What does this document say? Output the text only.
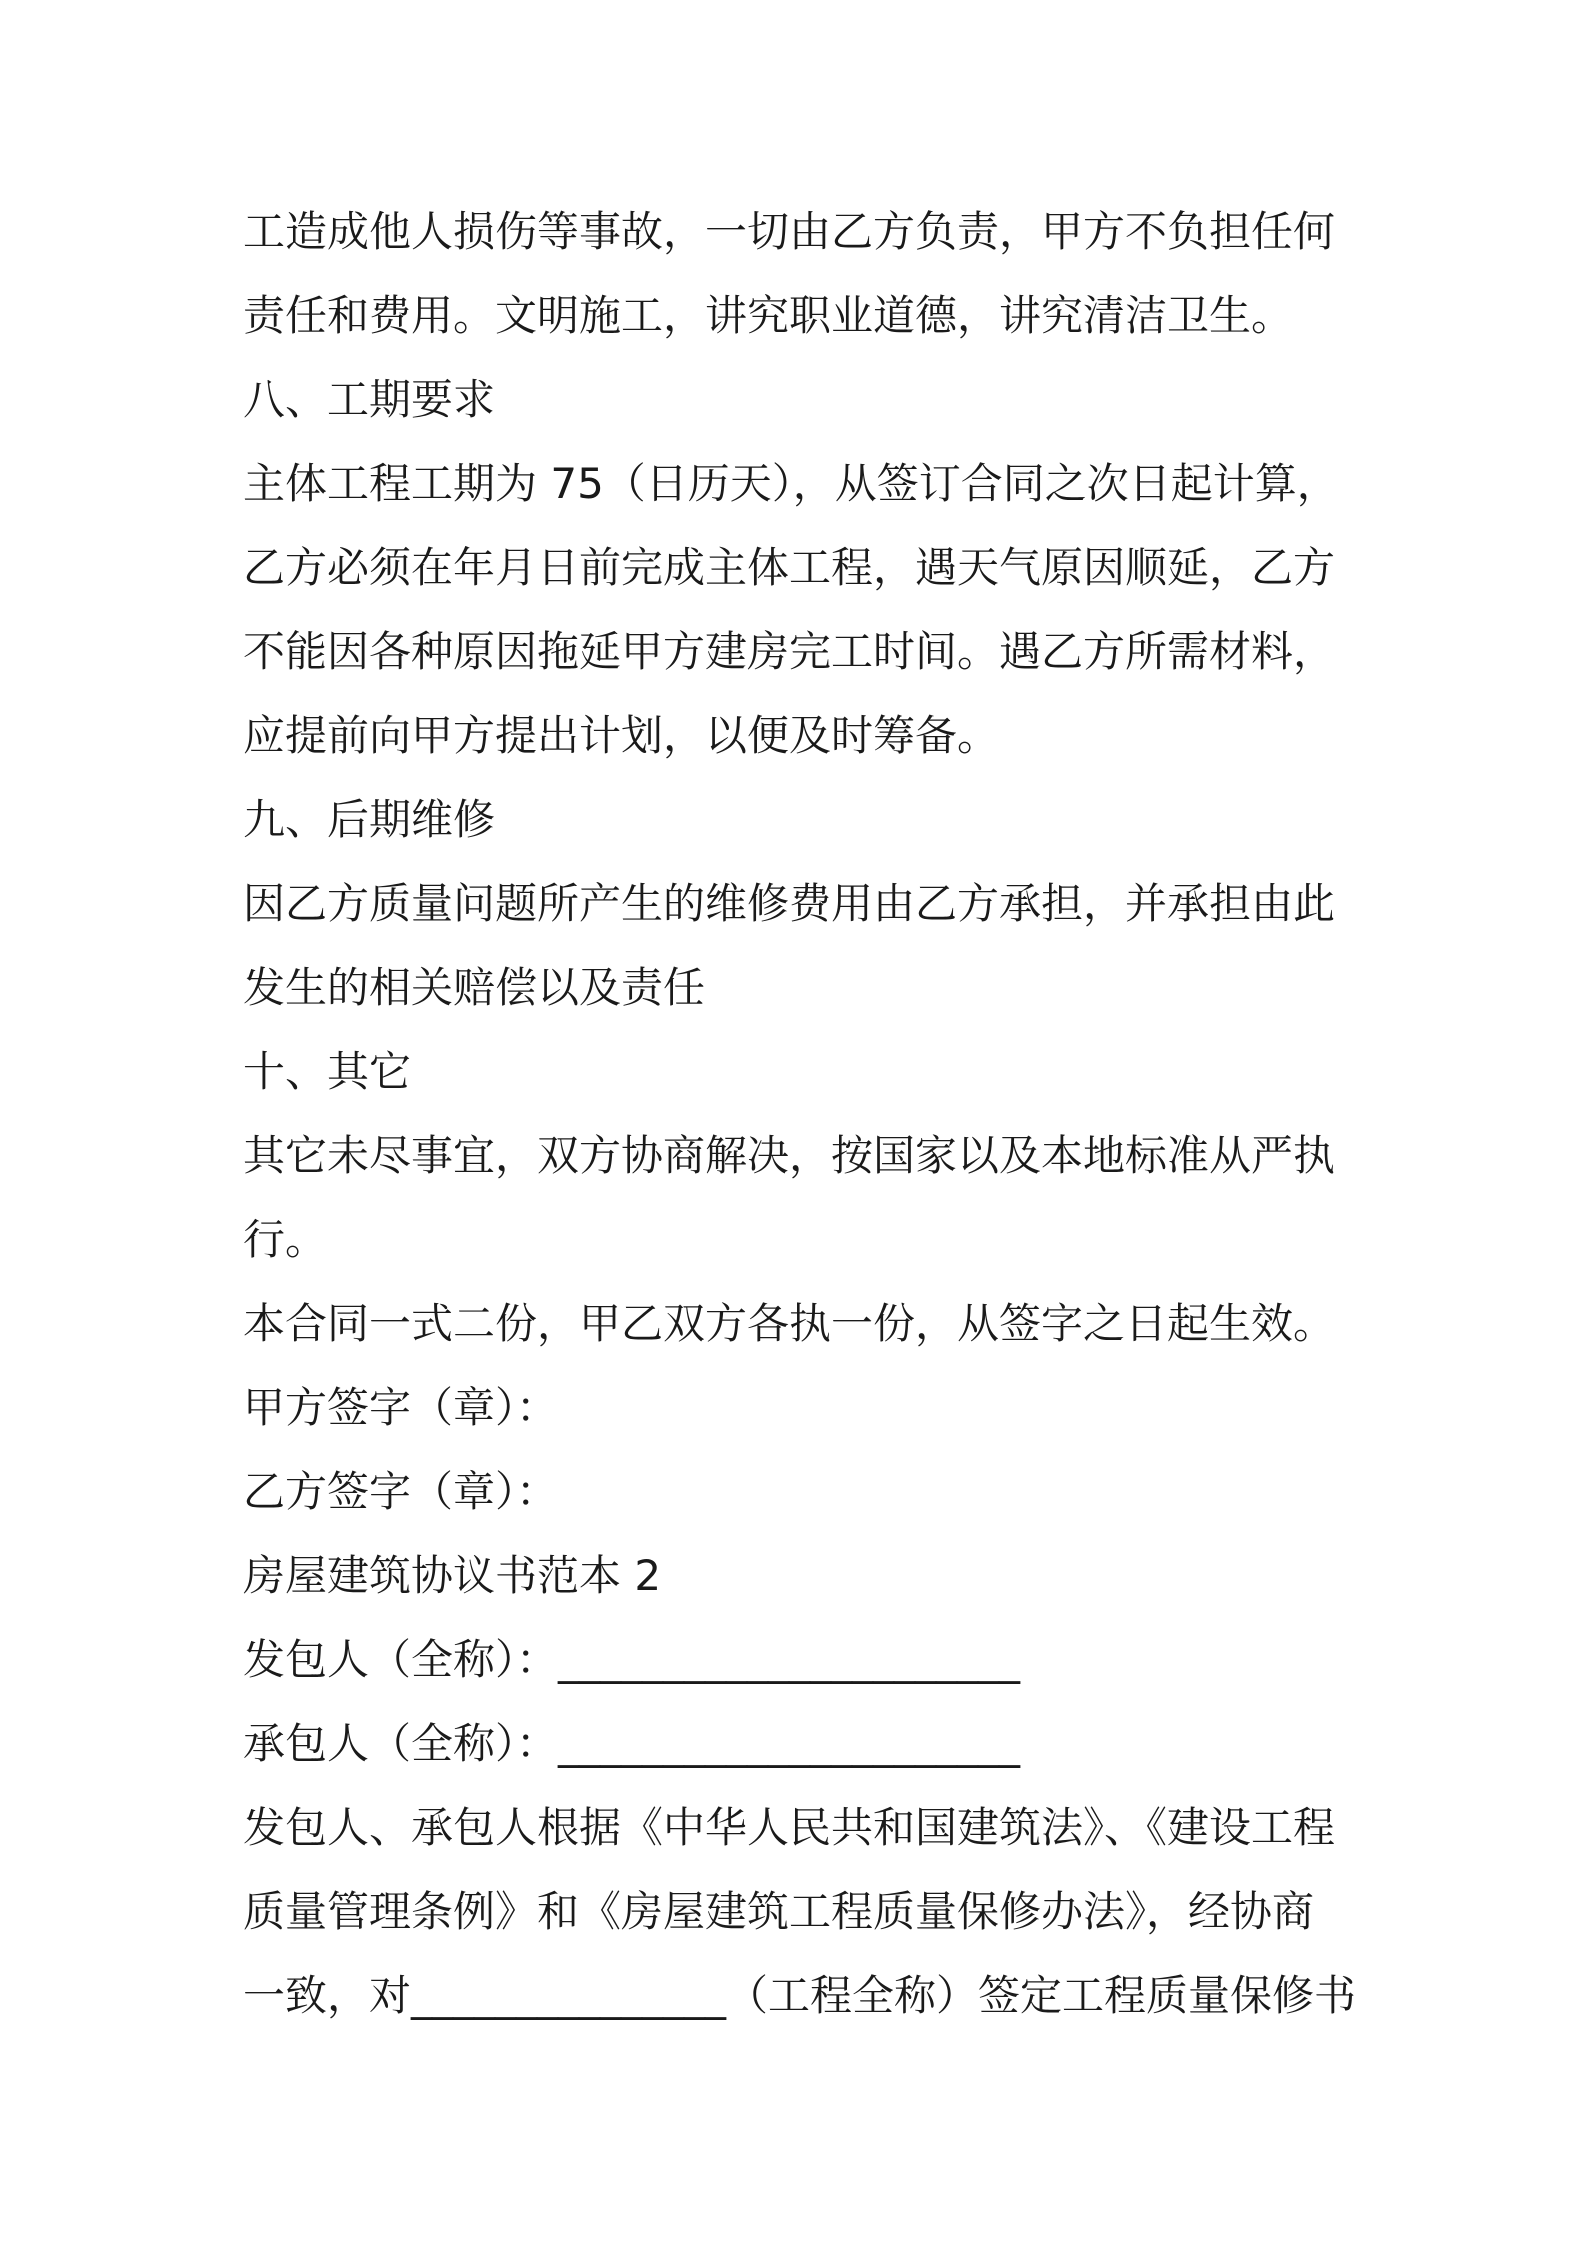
工造成他人损伤等事故，一切由乙方负责，甲方不负担任何
责任和费用。文明施工，讲究职业道德，讲究清洁卫生。
八、工期要求
主体工程工期为 75（日历天），从签订合同之次日起计算，
乙方必须在年月日前完成主体工程，遇天气原因顺延，乙方
不能因各种原因拖延甲方建房完工时间。遇乙方所需材料，
应提前向甲方提出计划，以便及时筹备。
九、后期维修
因乙方质量问题所产生的维修费用由乙方承担，并承担由此
发生的相关赔偿以及责任
十、其它
其它未尽事宜，双方协商解决，按国家以及本地标准从严执
行。
本合同一式二份，甲乙双方各执一份，从签字之日起生效。
甲方签字（章）：
乙方签字（章）：
房屋建筑协议书范本 2
发包人（全称）：______________________
承包人（全称）：______________________
发包人、承包人根据《中华人民共和国建筑法》、《建设工程
质量管理条例》和《房屋建筑工程质量保修办法》，经协商
一致，对_______________（工程全称）签定工程质量保修书
